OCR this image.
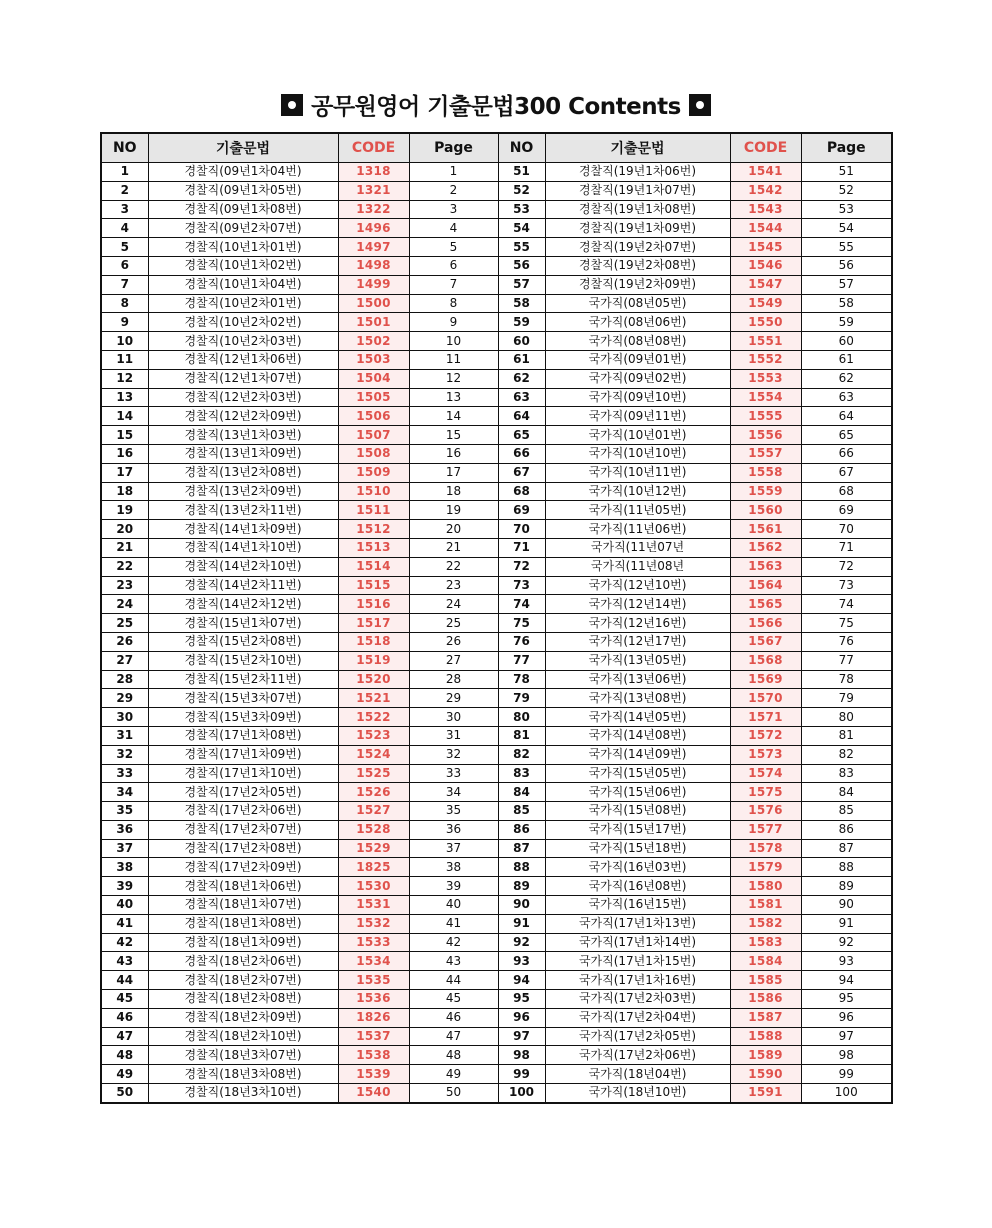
공무원영어 기출문법300 Contents
NO	기출문법	CODE	Page	NO	기출문법	CODE	Page
1	경찰직(09년1차04번)	1318	1	51	경찰직(19년1차06번)	1541	51
2	경찰직(09년1차05번)	1321	2	52	경찰직(19년1차07번)	1542	52
3	경찰직(09년1차08번)	1322	3	53	경찰직(19년1차08번)	1543	53
4	경찰직(09년2차07번)	1496	4	54	경찰직(19년1차09번)	1544	54
5	경찰직(10년1차01번)	1497	5	55	경찰직(19년2차07번)	1545	55
6	경찰직(10년1차02번)	1498	6	56	경찰직(19년2차08번)	1546	56
7	경찰직(10년1차04번)	1499	7	57	경찰직(19년2차09번)	1547	57
8	경찰직(10년2차01번)	1500	8	58	국가직(08년05번)	1549	58
9	경찰직(10년2차02번)	1501	9	59	국가직(08년06번)	1550	59
10	경찰직(10년2차03번)	1502	10	60	국가직(08년08번)	1551	60
11	경찰직(12년1차06번)	1503	11	61	국가직(09년01번)	1552	61
12	경찰직(12년1차07번)	1504	12	62	국가직(09년02번)	1553	62
13	경찰직(12년2차03번)	1505	13	63	국가직(09년10번)	1554	63
14	경찰직(12년2차09번)	1506	14	64	국가직(09년11번)	1555	64
15	경찰직(13년1차03번)	1507	15	65	국가직(10년01번)	1556	65
16	경찰직(13년1차09번)	1508	16	66	국가직(10년10번)	1557	66
17	경찰직(13년2차08번)	1509	17	67	국가직(10년11번)	1558	67
18	경찰직(13년2차09번)	1510	18	68	국가직(10년12번)	1559	68
19	경찰직(13년2차11번)	1511	19	69	국가직(11년05번)	1560	69
20	경찰직(14년1차09번)	1512	20	70	국가직(11년06번)	1561	70
21	경찰직(14년1차10번)	1513	21	71	국가직(11년07년	1562	71
22	경찰직(14년2차10번)	1514	22	72	국가직(11년08년	1563	72
23	경찰직(14년2차11번)	1515	23	73	국가직(12년10번)	1564	73
24	경찰직(14년2차12번)	1516	24	74	국가직(12년14번)	1565	74
25	경찰직(15년1차07번)	1517	25	75	국가직(12년16번)	1566	75
26	경찰직(15년2차08번)	1518	26	76	국가직(12년17번)	1567	76
27	경찰직(15년2차10번)	1519	27	77	국가직(13년05번)	1568	77
28	경찰직(15년2차11번)	1520	28	78	국가직(13년06번)	1569	78
29	경찰직(15년3차07번)	1521	29	79	국가직(13년08번)	1570	79
30	경찰직(15년3차09번)	1522	30	80	국가직(14년05번)	1571	80
31	경찰직(17년1차08번)	1523	31	81	국가직(14년08번)	1572	81
32	경찰직(17년1차09번)	1524	32	82	국가직(14년09번)	1573	82
33	경찰직(17년1차10번)	1525	33	83	국가직(15년05번)	1574	83
34	경찰직(17년2차05번)	1526	34	84	국가직(15년06번)	1575	84
35	경찰직(17년2차06번)	1527	35	85	국가직(15년08번)	1576	85
36	경찰직(17년2차07번)	1528	36	86	국가직(15년17번)	1577	86
37	경찰직(17년2차08번)	1529	37	87	국가직(15년18번)	1578	87
38	경찰직(17년2차09번)	1825	38	88	국가직(16년03번)	1579	88
39	경찰직(18년1차06번)	1530	39	89	국가직(16년08번)	1580	89
40	경찰직(18년1차07번)	1531	40	90	국가직(16년15번)	1581	90
41	경찰직(18년1차08번)	1532	41	91	국가직(17년1차13번)	1582	91
42	경찰직(18년1차09번)	1533	42	92	국가직(17년1차14번)	1583	92
43	경찰직(18년2차06번)	1534	43	93	국가직(17년1차15번)	1584	93
44	경찰직(18년2차07번)	1535	44	94	국가직(17년1차16번)	1585	94
45	경찰직(18년2차08번)	1536	45	95	국가직(17년2차03번)	1586	95
46	경찰직(18년2차09번)	1826	46	96	국가직(17년2차04번)	1587	96
47	경찰직(18년2차10번)	1537	47	97	국가직(17년2차05번)	1588	97
48	경찰직(18년3차07번)	1538	48	98	국가직(17년2차06번)	1589	98
49	경찰직(18년3차08번)	1539	49	99	국가직(18년04번)	1590	99
50	경찰직(18년3차10번)	1540	50	100	국가직(18년10번)	1591	100
